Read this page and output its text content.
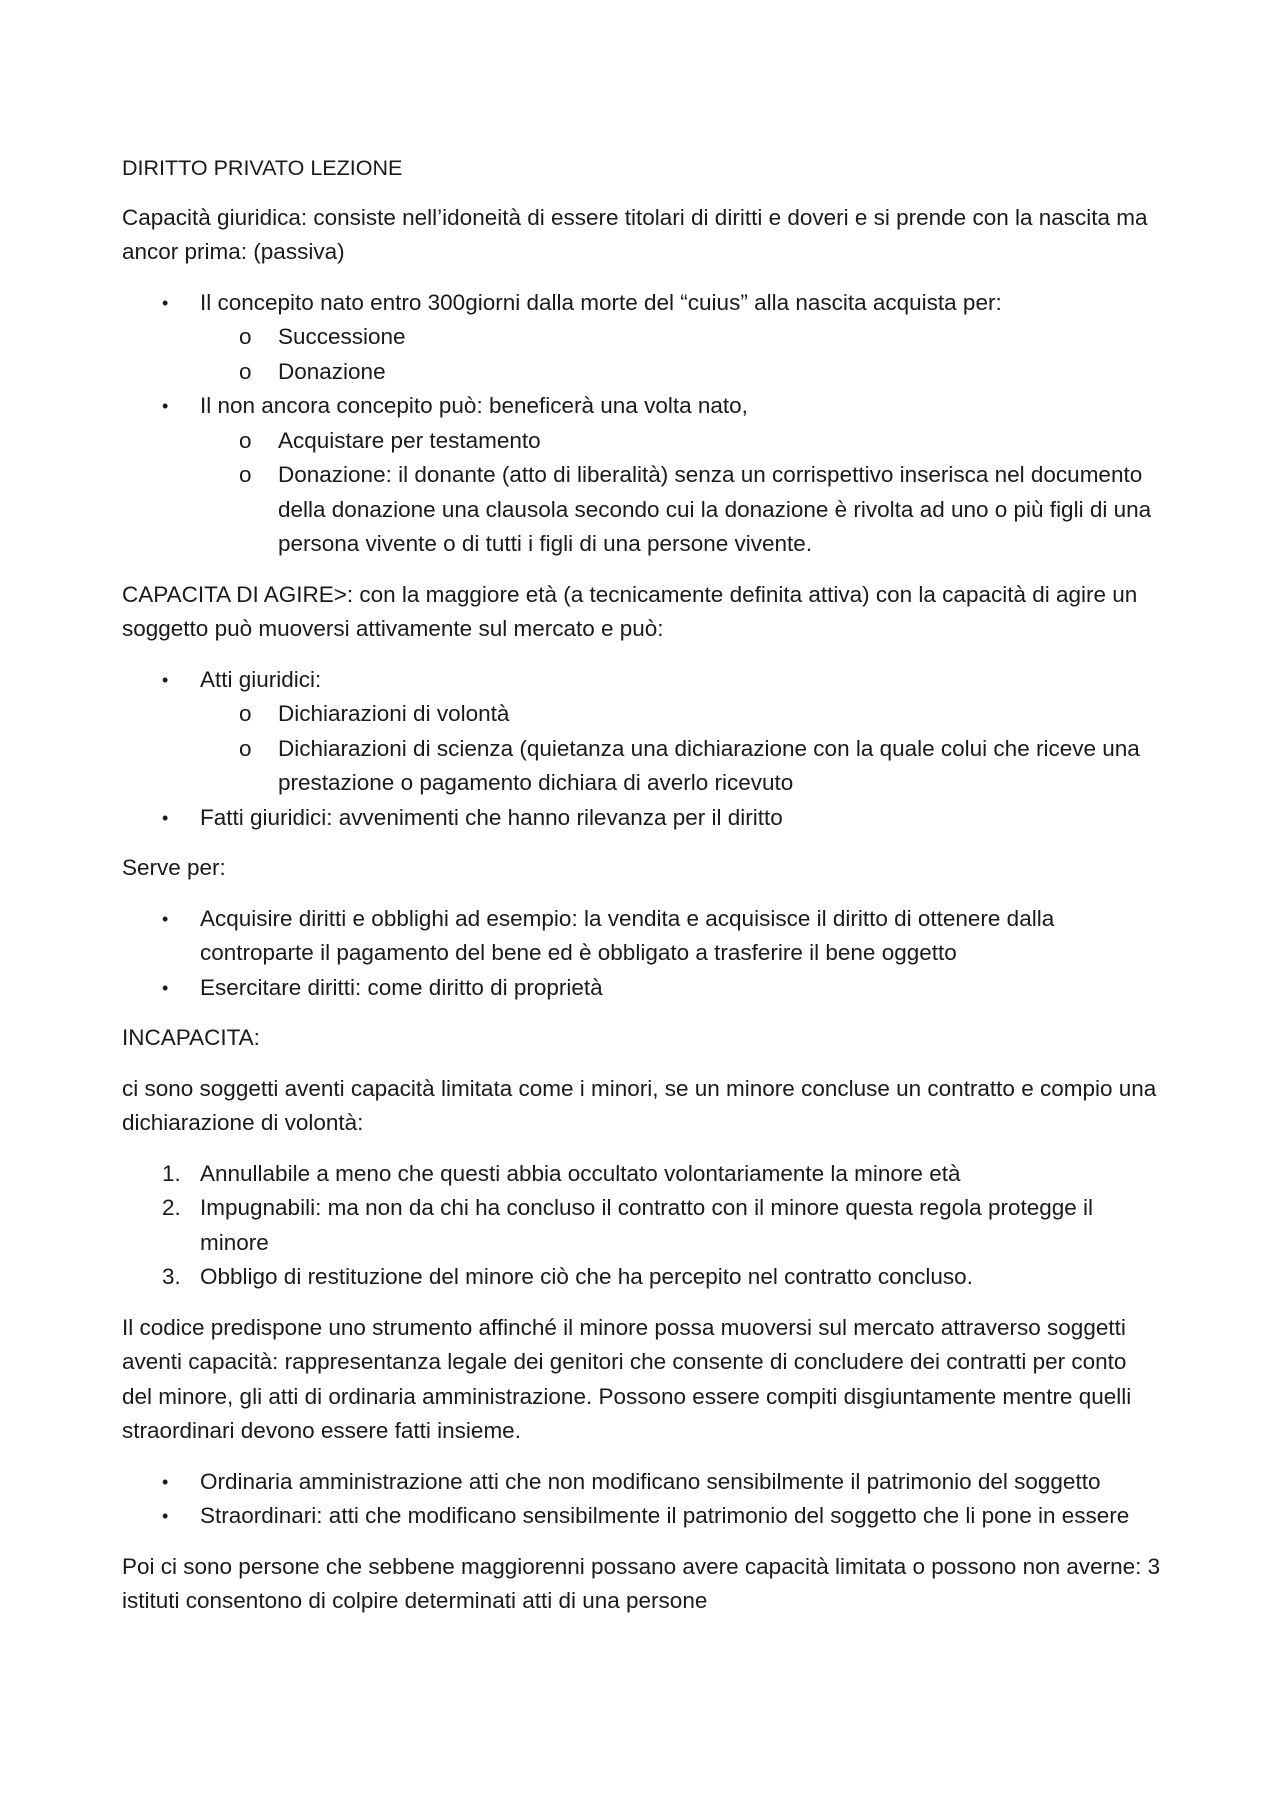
DIRITTO PRIVATO LEZIONE

Capacità giuridica: consiste nell’idoneità di essere titolari di diritti e doveri e si prende con la nascita ma ancor prima: (passiva)

•	Il concepito nato entro 300giorni dalla morte del “cuius” alla nascita acquista per:
o	Successione
o	Donazione
•	Il non ancora concepito può: beneficerà una volta nato,
o	Acquistare per testamento
o	Donazione: il donante (atto di liberalità) senza un corrispettivo inserisca nel documento della donazione una clausola secondo cui la donazione è rivolta ad uno o più figli di una persona vivente o di tutti i figli di una persone vivente.

CAPACITA DI AGIRE>: con la maggiore età (a tecnicamente definita attiva) con la capacità di agire un soggetto può muoversi attivamente sul mercato e può:

•	Atti giuridici:
o	Dichiarazioni di volontà
o	Dichiarazioni di scienza (quietanza una dichiarazione con la quale colui che riceve una prestazione o pagamento dichiara di averlo ricevuto
•	Fatti giuridici: avvenimenti che hanno rilevanza per il diritto

Serve per:

•	Acquisire diritti e obblighi ad esempio: la vendita e acquisisce il diritto di ottenere dalla controparte il pagamento del bene ed è obbligato a trasferire il bene oggetto
•	Esercitare diritti: come diritto di proprietà

INCAPACITA:

ci sono soggetti aventi capacità limitata come i minori, se un minore concluse un contratto e compio una dichiarazione di volontà:

1. Annullabile a meno che questi abbia occultato volontariamente la minore età
2. Impugnabili: ma non da chi ha concluso il contratto con il minore questa regola protegge il minore
3. Obbligo di restituzione del minore ciò che ha percepito nel contratto concluso.

Il codice predispone uno strumento affinché il minore possa muoversi sul mercato attraverso soggetti aventi capacità: rappresentanza legale dei genitori che consente di concludere dei contratti per conto del minore, gli atti di ordinaria amministrazione. Possono essere compiti disgiuntamente mentre quelli straordinari devono essere fatti insieme.

•	Ordinaria amministrazione atti che non modificano sensibilmente il patrimonio del soggetto
•	Straordinari: atti che modificano sensibilmente il patrimonio del soggetto che li pone in essere

Poi ci sono persone che sebbene maggiorenni possano avere capacità limitata o possono non averne: 3 istituti consentono di colpire determinati atti di una persone
